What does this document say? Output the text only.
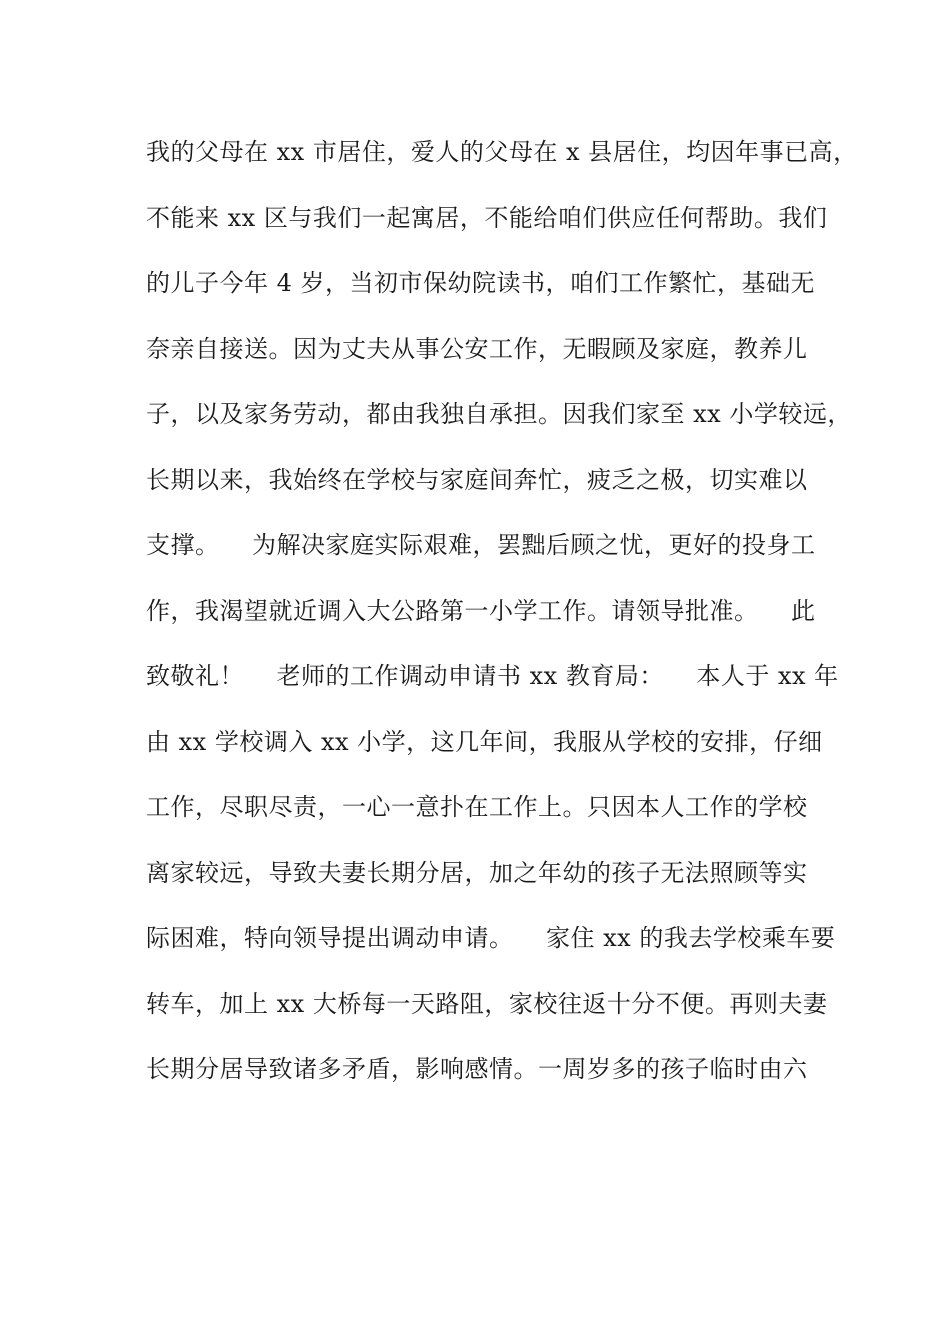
我的父母在 xx 市居住，爱人的父母在 x 县居住，均因年事已高，
不能来 xx 区与我们一起寓居，不能给咱们供应任何帮助。我们
的儿子今年 4 岁，当初市保幼院读书，咱们工作繁忙，基础无
奈亲自接送。因为丈夫从事公安工作，无暇顾及家庭，教养儿
子，以及家务劳动，都由我独自承担。因我们家至 xx 小学较远，
长期以来，我始终在学校与家庭间奔忙，疲乏之极，切实难以
支撑。    为解决家庭实际艰难，罢黜后顾之忧，更好的投身工
作，我渴望就近调入大公路第一小学工作。请领导批准。    此
致敬礼！    老师的工作调动申请书 xx 教育局：    本人于 xx 年
由 xx 学校调入 xx 小学，这几年间，我服从学校的安排，仔细
工作，尽职尽责，一心一意扑在工作上。只因本人工作的学校
离家较远，导致夫妻长期分居，加之年幼的孩子无法照顾等实
际困难，特向领导提出调动申请。    家住 xx 的我去学校乘车要
转车，加上 xx 大桥每一天路阻，家校往返十分不便。再则夫妻
长期分居导致诸多矛盾，影响感情。一周岁多的孩子临时由六
